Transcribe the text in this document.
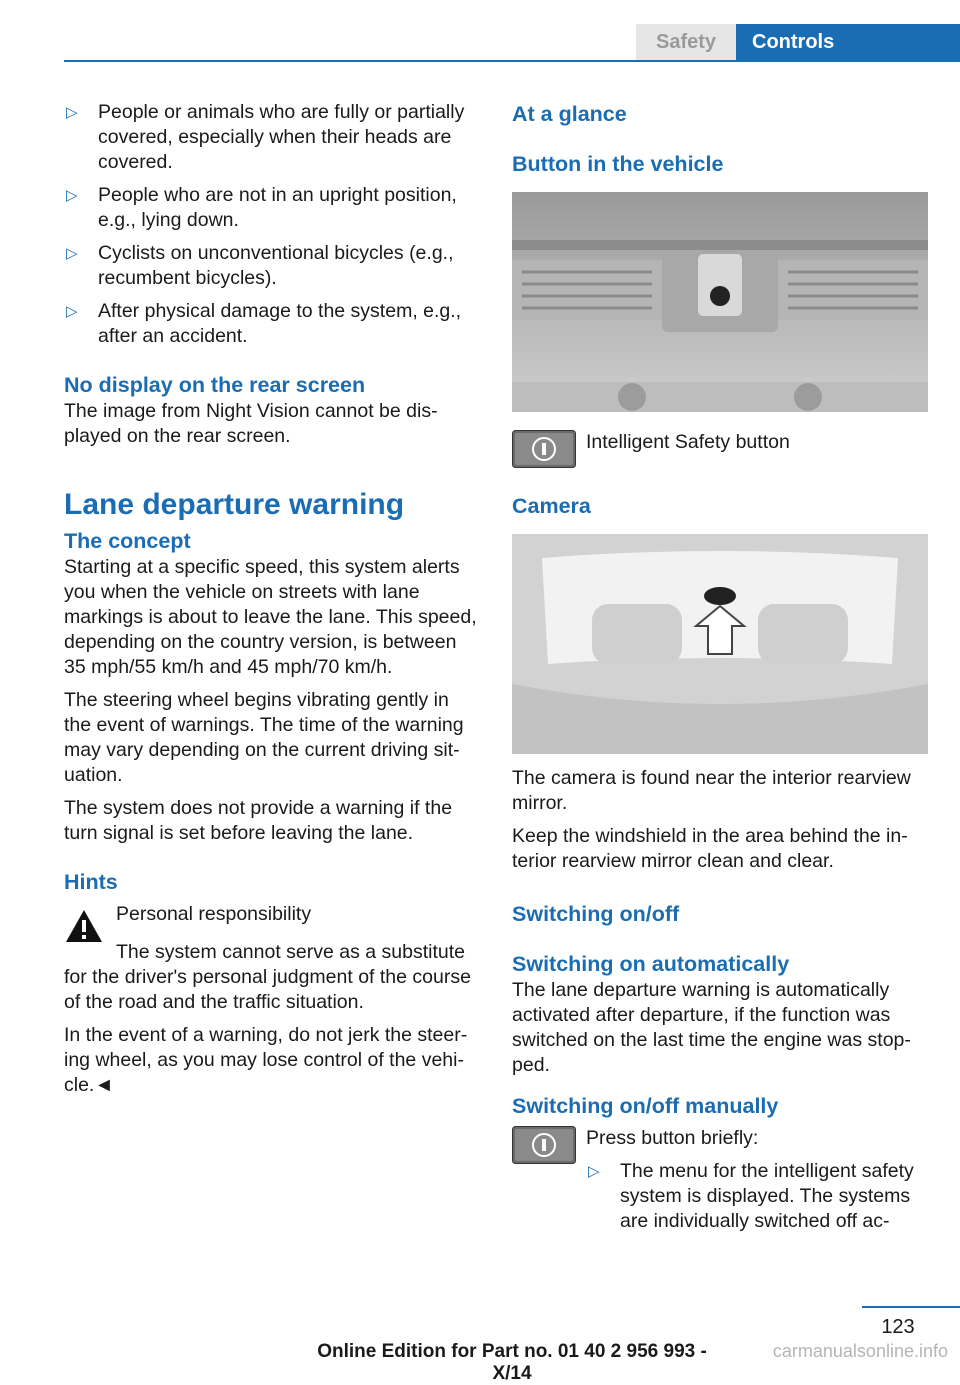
Safety	Controls
▷ People or animals who are fully or partially covered, especially when their heads are covered.
▷ People who are not in an upright position, e.g., lying down.
▷ Cyclists on unconventional bicycles (e.g., recumbent bicycles).
▷ After physical damage to the system, e.g., after an accident.
No display on the rear screen

The image from Night Vision cannot be dis-played on the rear screen.

Lane departure warning
The concept

Starting at a specific speed, this system alerts you when the vehicle on streets with lane markings is about to leave the lane. This speed, depending on the country version, is between 35 mph/55 km/h and 45 mph/70 km/h.

The steering wheel begins vibrating gently in the event of warnings. The time of the warning may vary depending on the current driving sit-uation.

The system does not provide a warning if the turn signal is set before leaving the lane.

Hints

Personal responsibility

The system cannot serve as a substitute for the driver's personal judgment of the course of the road and the traffic situation.

In the event of a warning, do not jerk the steer-ing wheel, as you may lose control of the vehi-cle.◄

At a glance
Button in the vehicle
Intelligent Safety button
Camera

The camera is found near the interior rearview mirror.

Keep the windshield in the area behind the in-terior rearview mirror clean and clear.

Switching on/off
Switching on automatically

The lane departure warning is automatically activated after departure, if the function was switched on the last time the engine was stop-ped.

Switching on/off manually

Press button briefly:

▷ The menu for the intelligent safety system is displayed. The systems are individually switched off ac-
123
Online Edition for Part no. 01 40 2 956 993 - X/14
carmanualsonline.info
